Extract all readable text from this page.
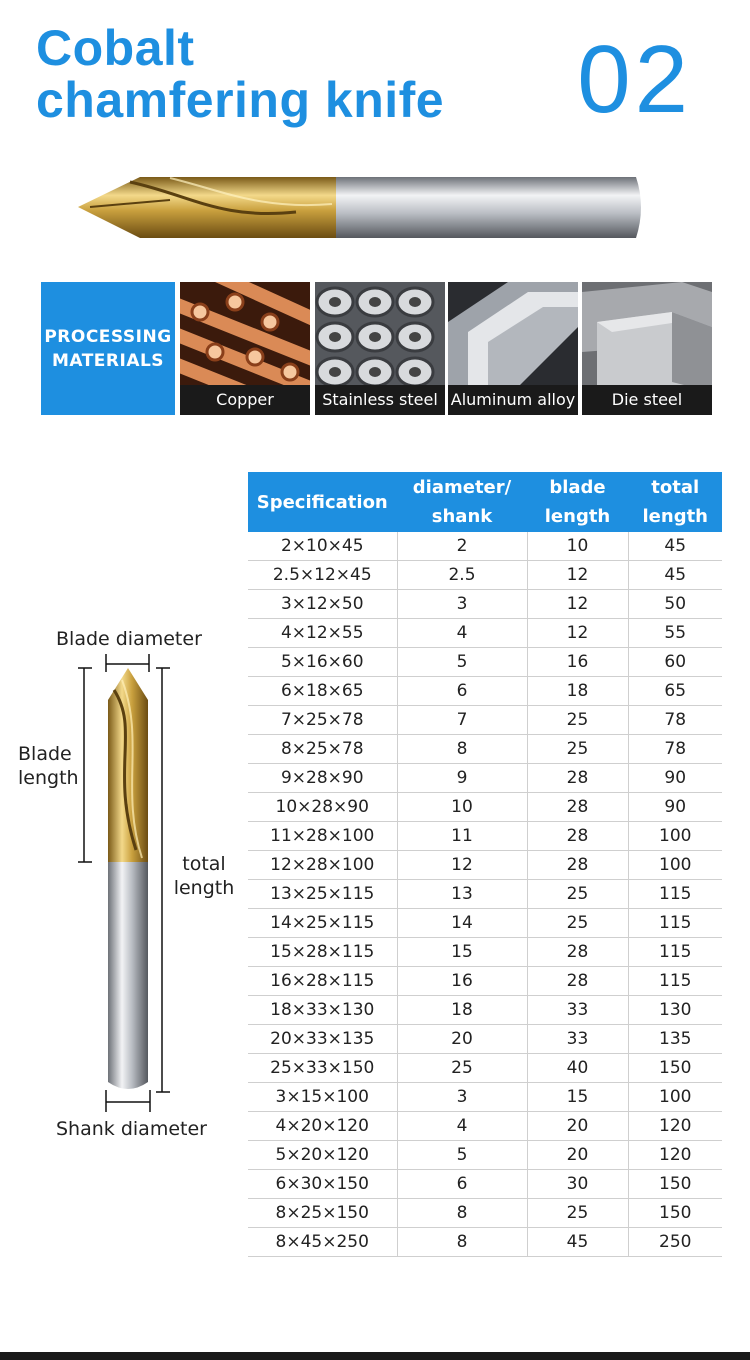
Cobalt
chamfering knife 02
PROCESSING MATERIALS
Copper	Stainless steel Aluminum alloy	Die steel
Blade diameter
Blade length
total length
Shank diameter
Specification	diameter/ shank	blade length	total length
2×10×45	2	10	45
2.5×12×45	2.5	12	45
3×12×50	3	12	50
4×12×55	4	12	55
5×16×60	5	16	60
6×18×65	6	18	65
7×25×78	7	25	78
8×25×78	8	25	78
9×28×90	9	28	90
10×28×90	10	28	90
11×28×100	11	28	100
12×28×100	12	28	100
13×25×115	13	25	115
14×25×115	14	25	115
15×28×115	15	28	115
16×28×115	16	28	115
18×33×130	18	33	130
20×33×135	20	33	135
25×33×150	25	40	150
3×15×100	3	15	100
4×20×120	4	20	120
5×20×120	5	20	120
6×30×150	6	30	150
8×25×150	8	25	150
8×45×250	8	45	250
